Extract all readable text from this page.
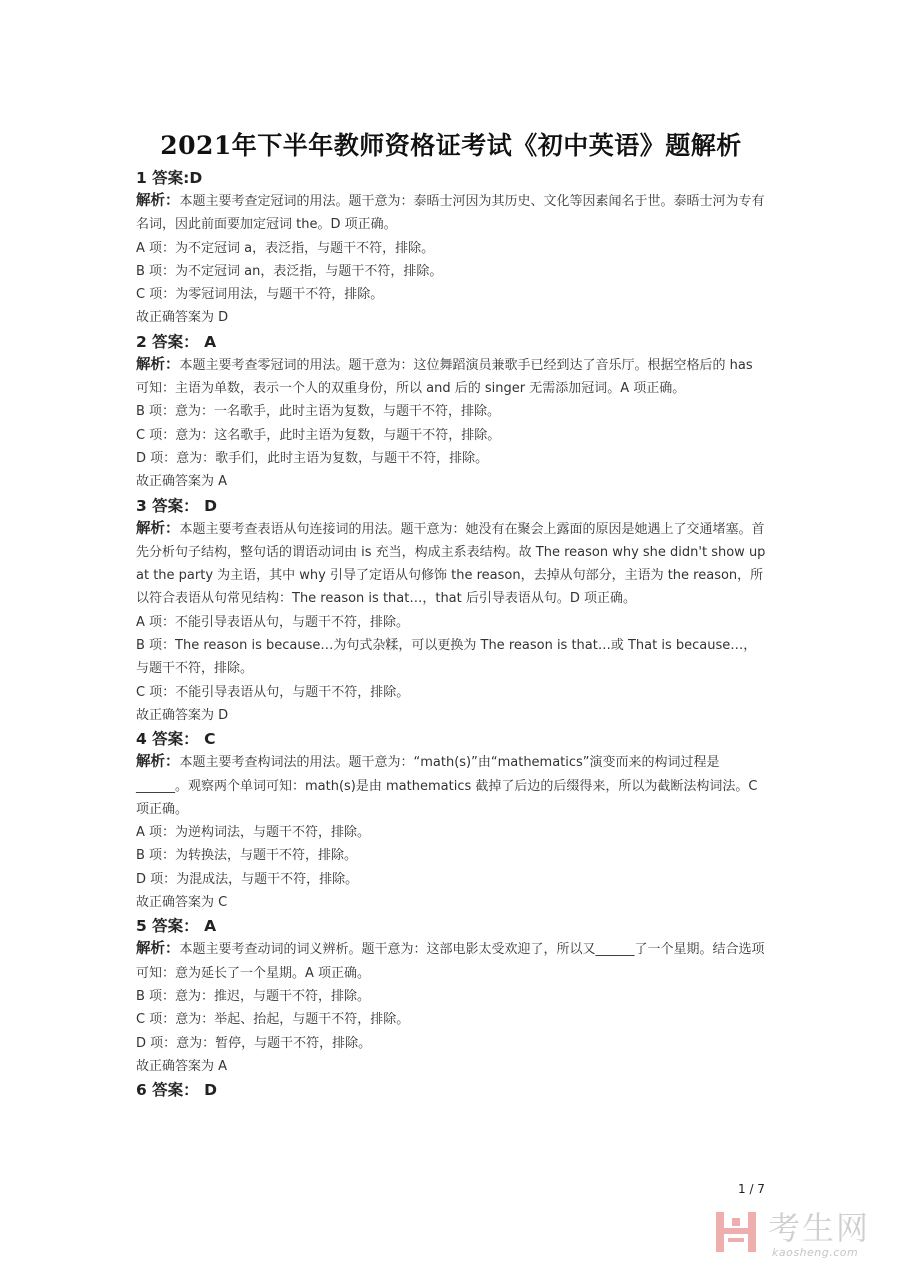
2021年下半年教师资格证考试《初中英语》题解析

1 答案:D

解析：本题主要考查定冠词的用法。题干意为：泰晤士河因为其历史、文化等因素闻名于世。泰晤士河为专有名词，因此前面要加定冠词 the。D 项正确。

A 项：为不定冠词 a，表泛指，与题干不符，排除。

B 项：为不定冠词 an，表泛指，与题干不符，排除。

C 项：为零冠词用法，与题干不符，排除。

故正确答案为 D

2 答案： A

解析：本题主要考查零冠词的用法。题干意为：这位舞蹈演员兼歌手已经到达了音乐厅。根据空格后的 has 可知：主语为单数，表示一个人的双重身份，所以 and 后的 singer 无需添加冠词。A 项正确。

B 项：意为：一名歌手，此时主语为复数，与题干不符，排除。

C 项：意为：这名歌手，此时主语为复数，与题干不符，排除。

D 项：意为：歌手们，此时主语为复数，与题干不符，排除。

故正确答案为 A

3 答案： D

解析：本题主要考查表语从句连接词的用法。题干意为：她没有在聚会上露面的原因是她遇上了交通堵塞。首先分析句子结构，整句话的谓语动词由 is 充当，构成主系表结构。故 The reason why she didn't show up at the party 为主语，其中 why 引导了定语从句修饰 the reason，去掉从句部分，主语为 the reason，所以符合表语从句常见结构：The reason is that…，that 后引导表语从句。D 项正确。

A 项：不能引导表语从句，与题干不符，排除。

B 项：The reason is because…为句式杂糅，可以更换为 The reason is that…或 That is because…，与题干不符，排除。

C 项：不能引导表语从句，与题干不符，排除。

故正确答案为 D

4 答案： C

解析：本题主要考查构词法的用法。题干意为：“math(s)”由“mathematics”演变而来的构词过程是______。观察两个单词可知：math(s)是由 mathematics 截掉了后边的后缀得来，所以为截断法构词法。C 项正确。

A 项：为逆构词法，与题干不符，排除。

B 项：为转换法，与题干不符，排除。

D 项：为混成法，与题干不符，排除。

故正确答案为 C

5 答案： A

解析：本题主要考查动词的词义辨析。题干意为：这部电影太受欢迎了，所以又______了一个星期。结合选项可知：意为延长了一个星期。A 项正确。

B 项：意为：推迟，与题干不符，排除。

C 项：意为：举起、抬起，与题干不符，排除。

D 项：意为：暂停，与题干不符，排除。

故正确答案为 A

6 答案： D

1 / 7
考生网
kaosheng.com
